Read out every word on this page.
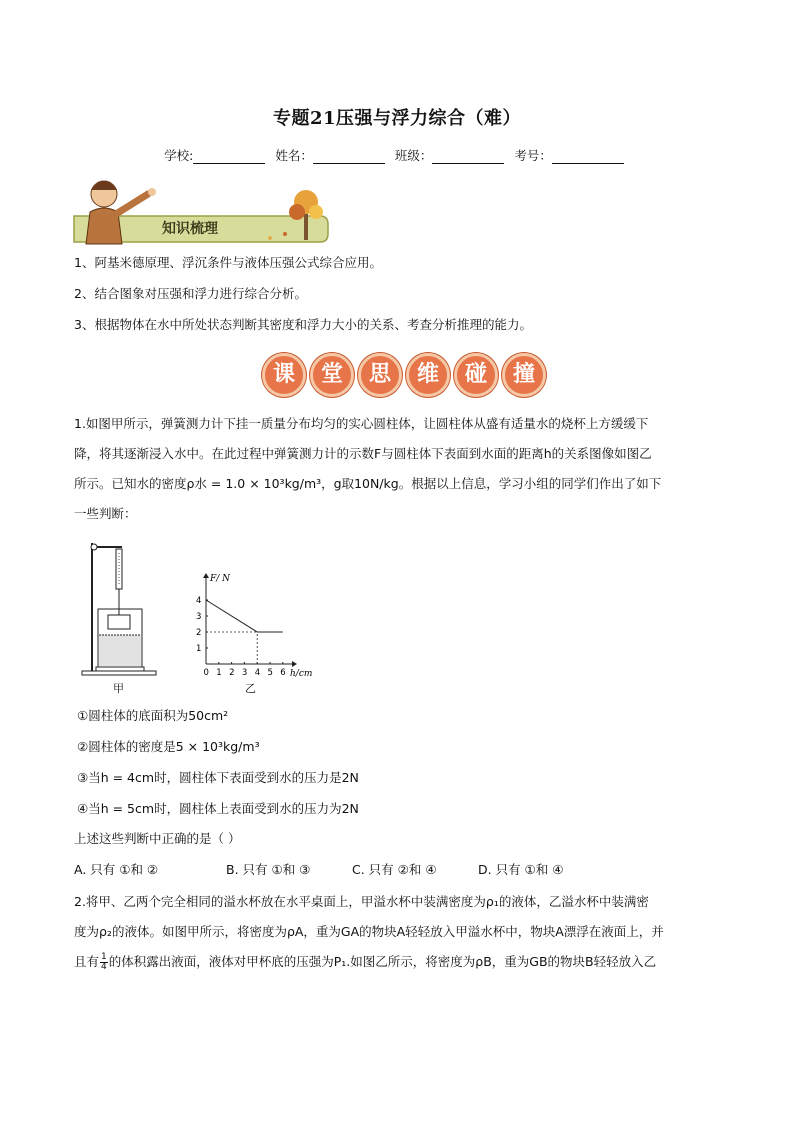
专题21压强与浮力综合（难）
学校:	姓名：	班级：	考号：
知识梳理
1、阿基米德原理、浮沉条件与液体压强公式综合应用。
2、结合图象对压强和浮力进行综合分析。
3、根据物体在水中所处状态判断其密度和浮力大小的关系、考查分析推理的能力。
课 堂 思 维 碰 撞
1.如图甲所示，弹簧测力计下挂一质量分布均匀的实心圆柱体，让圆柱体从盛有适量水的烧杯上方缓缓下
降，将其逐渐浸入水中。在此过程中弹簧测力计的示数F与圆柱体下表面到水面的距离h的关系图像如图乙
所示。已知水的密度ρ水 = 1.0 × 10³kg/m³，g取10N/kg。根据以上信息，学习小组的同学们作出了如下
一些判断：
甲
F/ N
h/cm
0 1 2 3 4 5 6
1
2
3
4
乙
①圆柱体的底面积为50cm²
②圆柱体的密度是5 × 10³kg/m³
③当h = 4cm时，圆柱体下表面受到水的压力是2N
④当h = 5cm时，圆柱体上表面受到水的压力为2N
上述这些判断中正确的是（ ）
A. 只有 ①和 ②	B. 只有 ①和 ③	C. 只有 ②和 ④	D. 只有 ①和 ④
2.将甲、乙两个完全相同的溢水杯放在水平桌面上，甲溢水杯中装满密度为ρ₁的液体，乙溢水杯中装满密
度为ρ₂的液体。如图甲所示，将密度为ρA，重为GA的物块A轻轻放入甲溢水杯中，物块A漂浮在液面上，并
且有 $\frac{1}{4}$ 的体积露出液面，液体对甲杯底的压强为P₁.如图乙所示，将密度为ρB，重为GB的物块B轻轻放入乙
